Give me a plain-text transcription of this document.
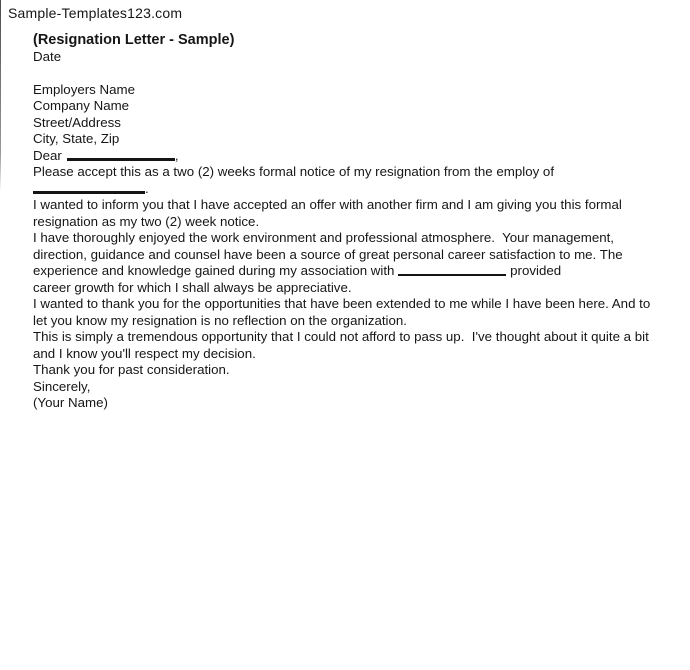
Sample-Templates123.com
(Resignation Letter - Sample)

Date

Employers Name

Company Name

Street/Address

City, State, Zip

Dear	,

Please accept this as a two (2) weeks formal notice of my resignation from the employ of
.

I wanted to inform you that I have accepted an offer with another firm and I am giving you this formal resignation as my two (2) week notice.

I have thoroughly enjoyed the work environment and professional atmosphere.  Your management, direction, guidance and counsel have been a source of great personal career satisfaction to me. The experience and knowledge gained during my association with	provided
career growth for which I shall always be appreciative.

I wanted to thank you for the opportunities that have been extended to me while I have been here. And to let you know my resignation is no reflection on the organization.

This is simply a tremendous opportunity that I could not afford to pass up.  I've thought about it quite a bit and I know you'll respect my decision.

Thank you for past consideration.

Sincerely,

(Your Name)
